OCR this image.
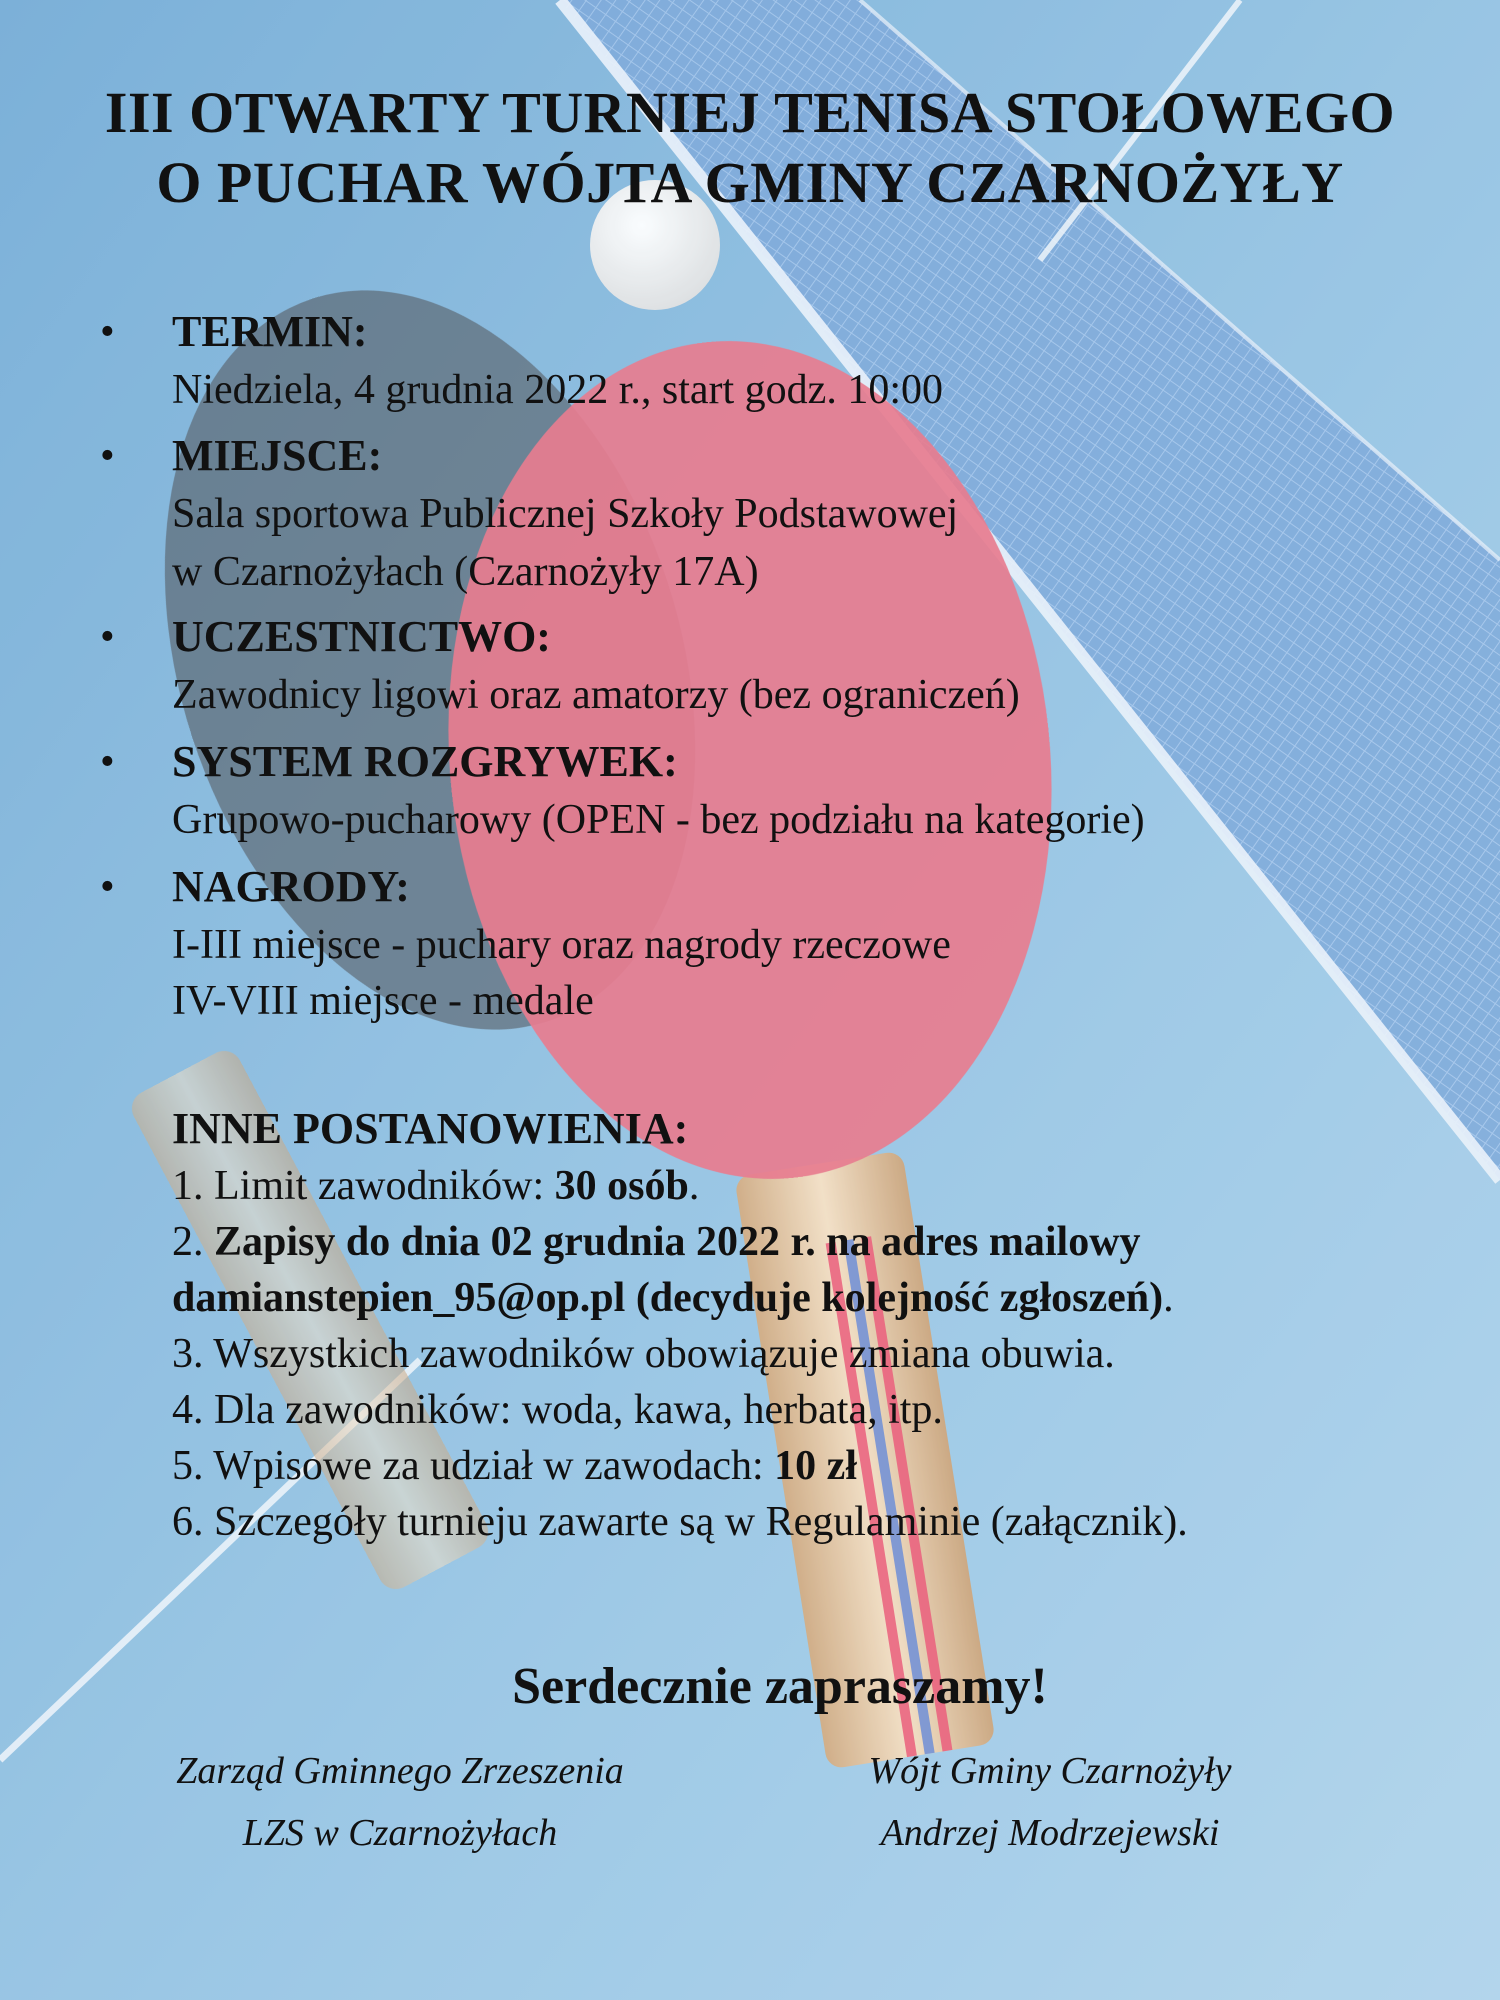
III OTWARTY TURNIEJ TENISA STOŁOWEGO
O PUCHAR WÓJTA GMINY CZARNOŻYŁY
• TERMIN:
Niedziela, 4 grudnia 2022 r., start godz. 10:00
• MIEJSCE:
Sala sportowa Publicznej Szkoły Podstawowej
w Czarnożyłach (Czarnożyły 17A)
• UCZESTNICTWO:
Zawodnicy ligowi oraz amatorzy (bez ograniczeń)
• SYSTEM ROZGRYWEK:
Grupowo-pucharowy (OPEN - bez podziału na kategorie)
• NAGRODY:
I-III miejsce - puchary oraz nagrody rzeczowe
IV-VIII miejsce - medale
INNE POSTANOWIENIA:
1. Limit zawodników: 30 osób.
2. Zapisy do dnia 02 grudnia 2022 r. na adres mailowy
damianstepien_95@op.pl (decyduje kolejność zgłoszeń).
3. Wszystkich zawodników obowiązuje zmiana obuwia.
4. Dla zawodników: woda, kawa, herbata, itp.
5. Wpisowe za udział w zawodach: 10 zł
6. Szczegóły turnieju zawarte są w Regulaminie (załącznik).
Serdecznie zapraszamy!
Zarząd Gminnego Zrzeszenia
LZS w Czarnożyłach
Wójt Gminy Czarnożyły
Andrzej Modrzejewski
